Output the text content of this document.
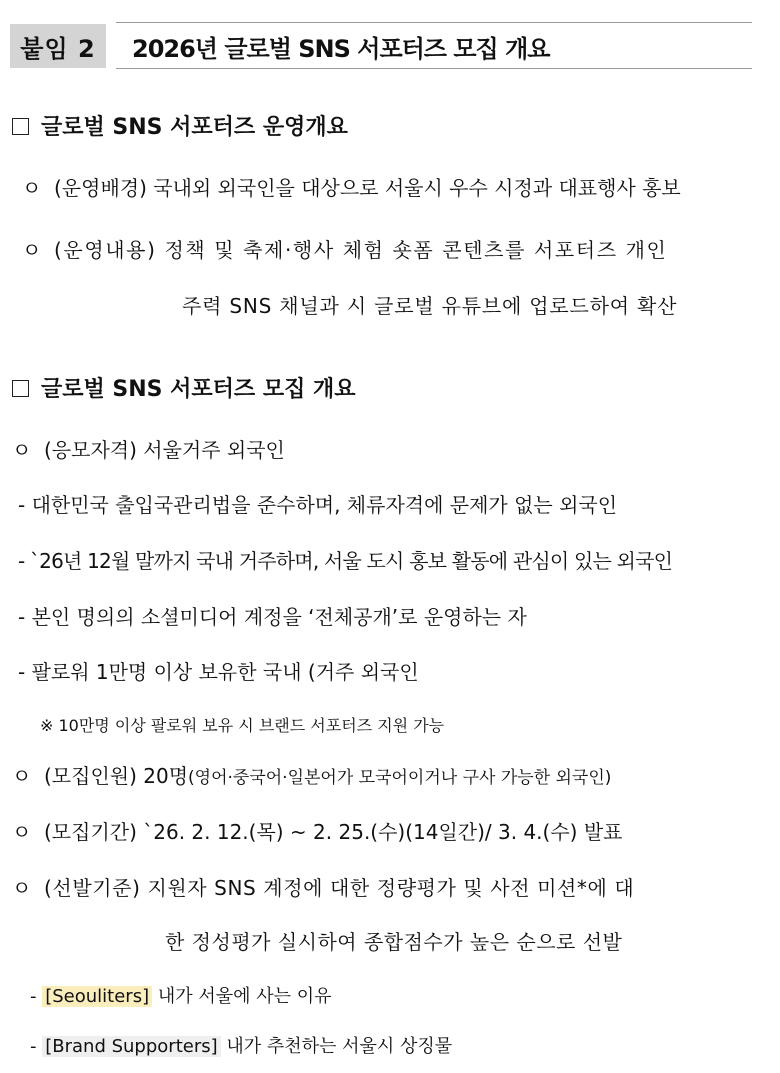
붙임 2	2026년 글로벌 SNS 서포터즈 모집 개요
글로벌 SNS 서포터즈 운영개요
ㅇ (운영배경) 국내외 외국인을 대상으로 서울시 우수 시정과 대표행사 홍보
ㅇ (운영내용) 정책 및 축제·행사 체험 숏폼 콘텐츠를 서포터즈 개인
주력 SNS 채널과 시 글로벌 유튜브에 업로드하여 확산
글로벌 SNS 서포터즈 모집 개요
ㅇ (응모자격) 서울거주 외국인
- 대한민국 출입국관리법을 준수하며, 체류자격에 문제가 없는 외국인
- `26년 12월 말까지 국내 거주하며, 서울 도시 홍보 활동에 관심이 있는 외국인
- 본인 명의의 소셜미디어 계정을 ‘전체공개’로 운영하는 자
- 팔로워 1만명 이상 보유한 국내 (거주 외국인
※ 10만명 이상 팔로워 보유 시 브랜드 서포터즈 지원 가능
ㅇ (모집인원) 20명(영어·중국어·일본어가 모국어이거나 구사 가능한 외국인)
ㅇ (모집기간) `26. 2. 12.(목) ~ 2. 25.(수)(14일간)/ 3. 4.(수) 발표
ㅇ (선발기준) 지원자 SNS 계정에 대한 정량평가 및 사전 미션*에 대
한 정성평가 실시하여 종합점수가 높은 순으로 선발
- [Seouliters] 내가 서울에 사는 이유
- [Brand Supporters] 내가 추천하는 서울시 상징물
